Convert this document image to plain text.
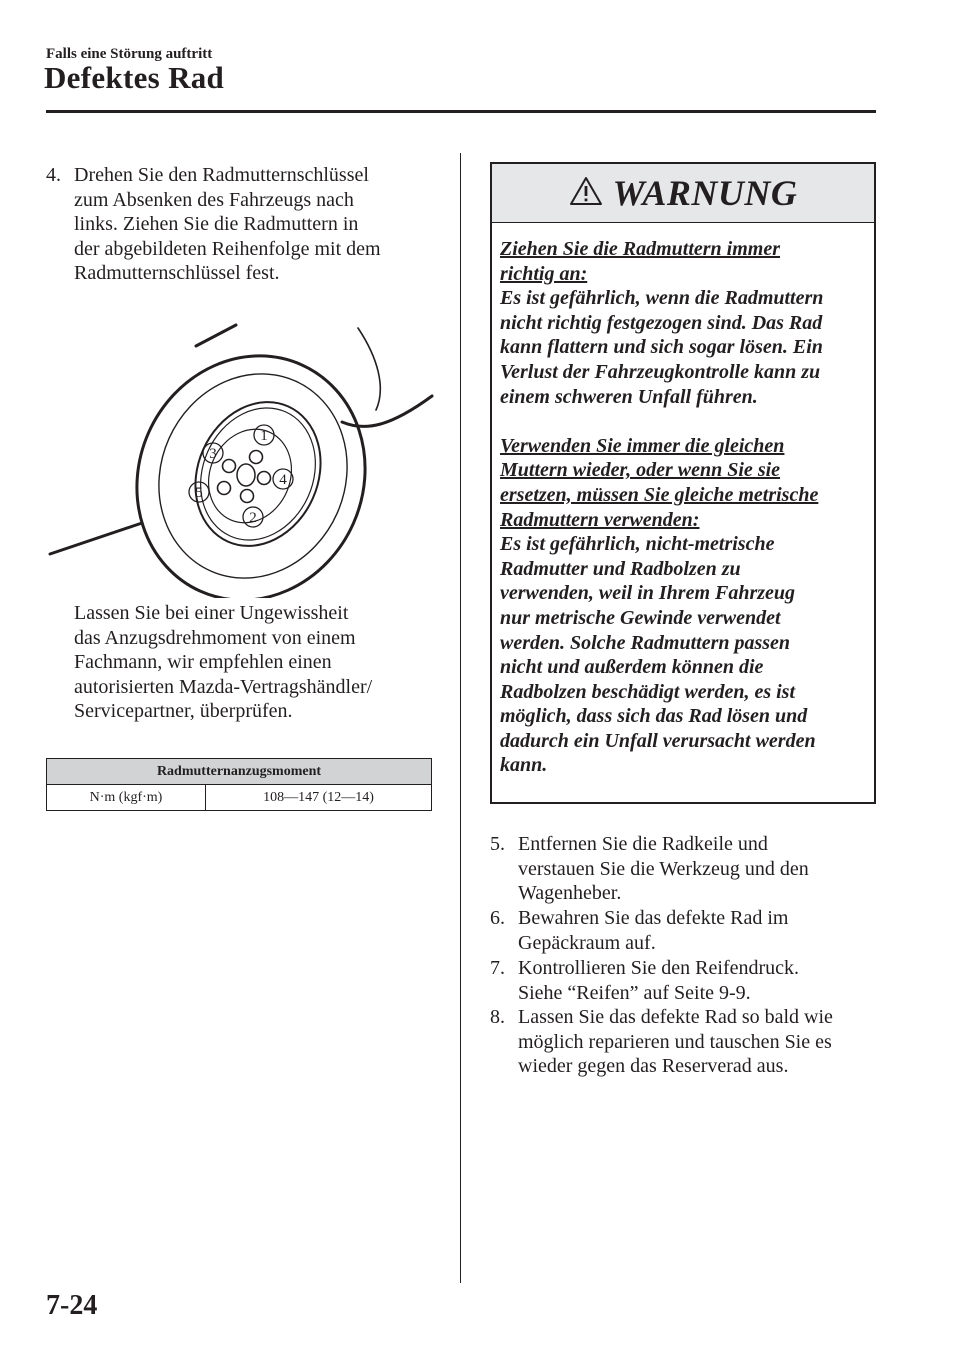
Falls eine Störung auftritt
Defektes Rad
4. Drehen Sie den Radmutternschlüssel
zum Absenken des Fahrzeugs nach
links. Ziehen Sie die Radmuttern in
der abgebildeten Reihenfolge mit dem
Radmutternschlüssel fest.
1
2
3
4
5
Lassen Sie bei einer Ungewissheit
das Anzugsdrehmoment von einem
Fachmann, wir empfehlen einen
autorisierten Mazda-Vertragshändler/
Servicepartner, überprüfen.
Radmutternanzugsmoment
N·m (kgf·m)	108—147 (12—14)
WARNUNG

Ziehen Sie die Radmuttern immer

richtig an:

Es ist gefährlich, wenn die Radmuttern

nicht richtig festgezogen sind. Das Rad

kann flattern und sich sogar lösen. Ein

Verlust der Fahrzeugkontrolle kann zu

einem schweren Unfall führen.

Verwenden Sie immer die gleichen

Muttern wieder, oder wenn Sie sie

ersetzen, müssen Sie gleiche metrische

Radmuttern verwenden:

Es ist gefährlich, nicht-metrische

Radmutter und Radbolzen zu

verwenden, weil in Ihrem Fahrzeug

nur metrische Gewinde verwendet

werden. Solche Radmuttern passen

nicht und außerdem können die

Radbolzen beschädigt werden, es ist

möglich, dass sich das Rad lösen und

dadurch ein Unfall verursacht werden

kann.

5. Entfernen Sie die Radkeile und
verstauen Sie die Werkzeug und den
Wagenheber.
6. Bewahren Sie das defekte Rad im
Gepäckraum auf.
7. Kontrollieren Sie den Reifendruck.
Siehe “Reifen” auf Seite 9-9.
8. Lassen Sie das defekte Rad so bald wie
möglich reparieren und tauschen Sie es
wieder gegen das Reserverad aus.
7-24
